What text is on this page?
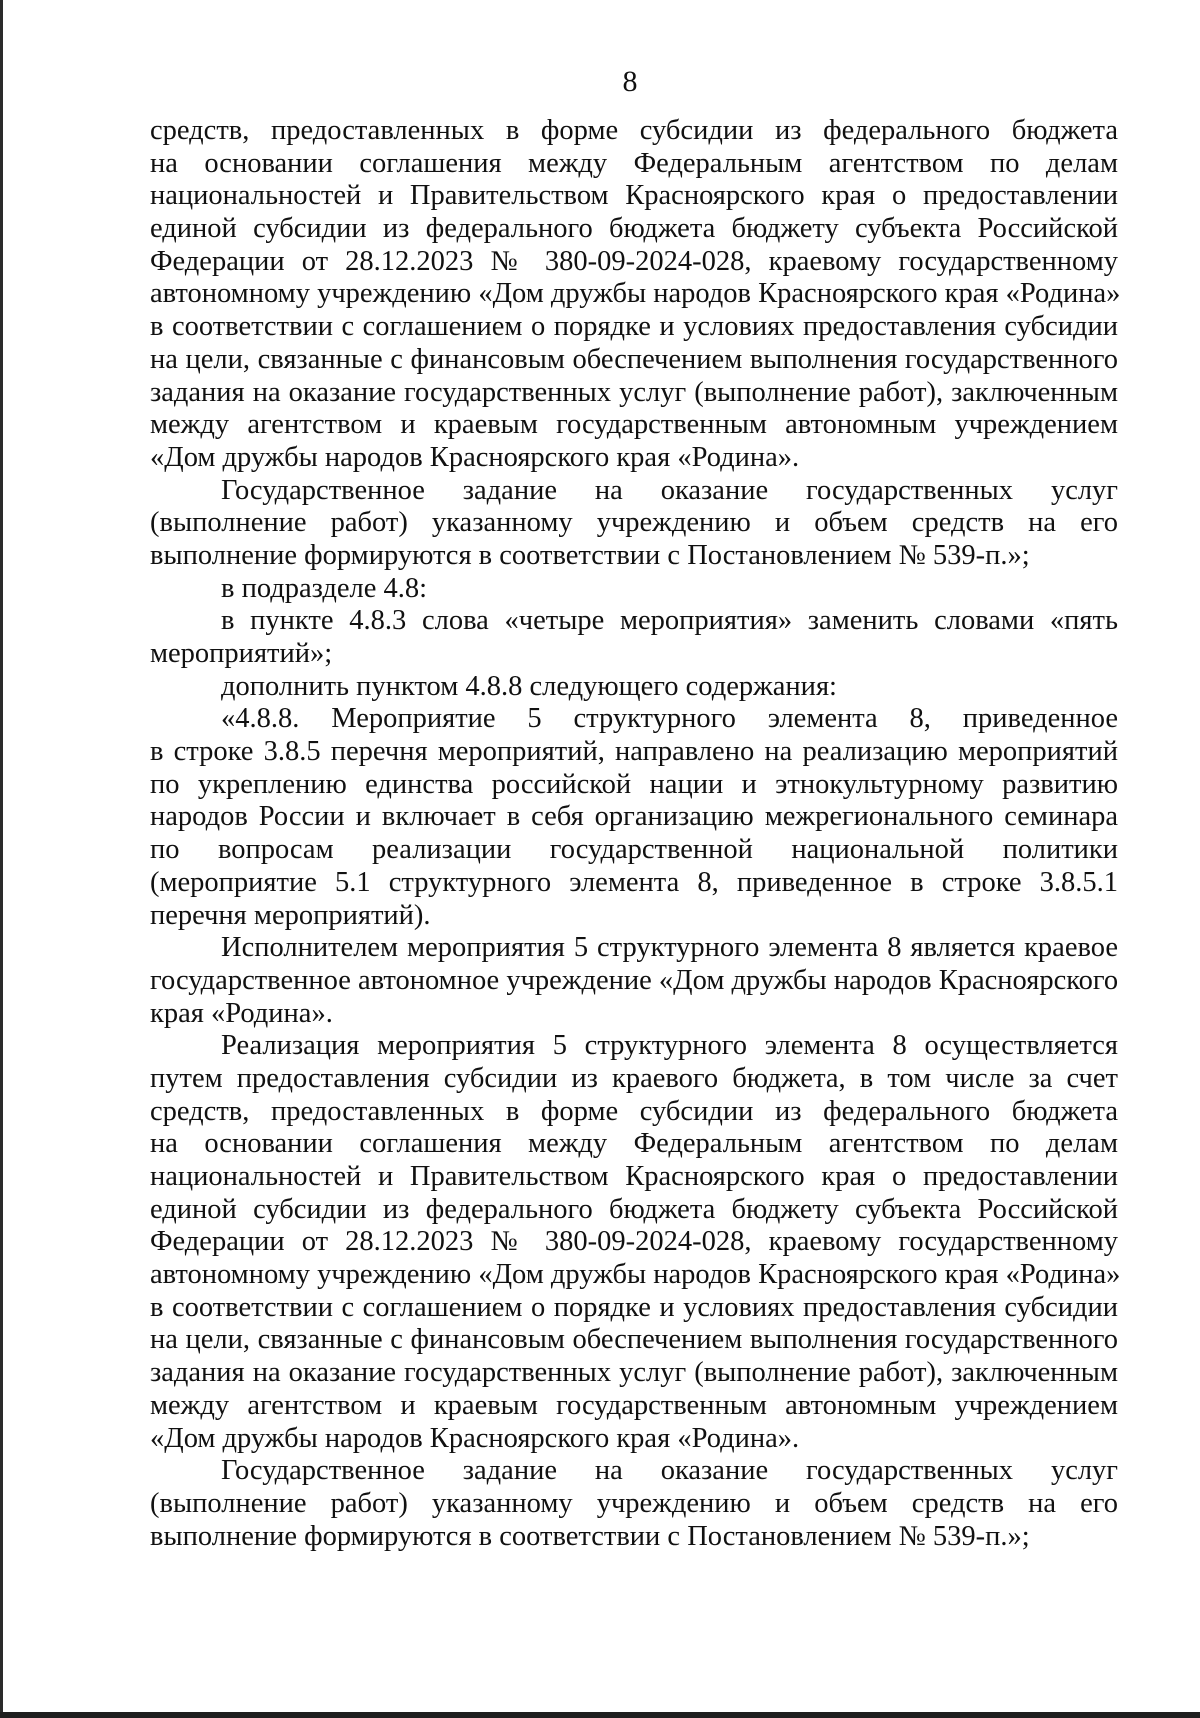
8
средств, предоставленных в форме субсидии из федерального бюджета
на основании соглашения между Федеральным агентством по делам
национальностей и Правительством Красноярского края о предоставлении
единой субсидии из федерального бюджета бюджету субъекта Российской
Федерации от 28.12.2023 № 380-09-2024-028, краевому государственному
автономному учреждению «Дом дружбы народов Красноярского края «Родина»
в соответствии с соглашением о порядке и условиях предоставления субсидии
на цели, связанные с финансовым обеспечением выполнения государственного
задания на оказание государственных услуг (выполнение работ), заключенным
между агентством и краевым государственным автономным учреждением
«Дом дружбы народов Красноярского края «Родина».
Государственное задание на оказание государственных услуг
(выполнение работ) указанному учреждению и объем средств на его
выполнение формируются в соответствии с Постановлением № 539-п.»;
в подразделе 4.8:
в пункте 4.8.3 слова «четыре мероприятия» заменить словами «пять
мероприятий»;
дополнить пунктом 4.8.8 следующего содержания:
«4.8.8. Мероприятие 5 структурного элемента 8, приведенное
в строке 3.8.5 перечня мероприятий, направлено на реализацию мероприятий
по укреплению единства российской нации и этнокультурному развитию
народов России и включает в себя организацию межрегионального семинара
по вопросам реализации государственной национальной политики
(мероприятие 5.1 структурного элемента 8, приведенное в строке 3.8.5.1
перечня мероприятий).
Исполнителем мероприятия 5 структурного элемента 8 является краевое
государственное автономное учреждение «Дом дружбы народов Красноярского
края «Родина».
Реализация мероприятия 5 структурного элемента 8 осуществляется
путем предоставления субсидии из краевого бюджета, в том числе за счет
средств, предоставленных в форме субсидии из федерального бюджета
на основании соглашения между Федеральным агентством по делам
национальностей и Правительством Красноярского края о предоставлении
единой субсидии из федерального бюджета бюджету субъекта Российской
Федерации от 28.12.2023 № 380-09-2024-028, краевому государственному
автономному учреждению «Дом дружбы народов Красноярского края «Родина»
в соответствии с соглашением о порядке и условиях предоставления субсидии
на цели, связанные с финансовым обеспечением выполнения государственного
задания на оказание государственных услуг (выполнение работ), заключенным
между агентством и краевым государственным автономным учреждением
«Дом дружбы народов Красноярского края «Родина».
Государственное задание на оказание государственных услуг
(выполнение работ) указанному учреждению и объем средств на его
выполнение формируются в соответствии с Постановлением № 539-п.»;
